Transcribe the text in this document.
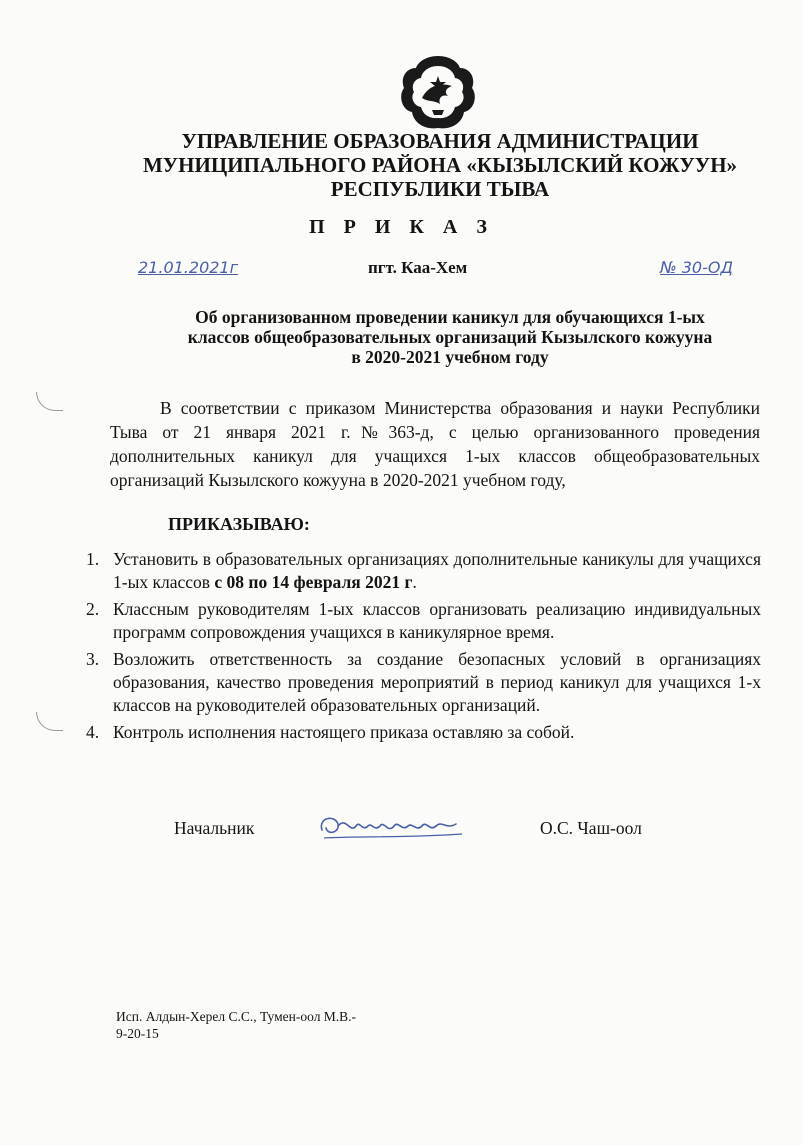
УПРАВЛЕНИЕ ОБРАЗОВАНИЯ АДМИНИСТРАЦИИ
МУНИЦИПАЛЬНОГО РАЙОНА «КЫЗЫЛСКИЙ КОЖУУН»
РЕСПУБЛИКИ ТЫВА
П Р И К А З
21.01.2021г	пгт. Каа-Хем	№ 30-ОД
Об организованном проведении каникул для обучающихся 1-ых
классов общеобразовательных организаций Кызылского кожууна
в 2020-2021 учебном году
В соответствии с приказом Министерства образования и науки Республики Тыва от 21 января 2021 г.№363-д, с целью организованного проведения дополнительных каникул для учащихся 1-ых классов общеобразовательных организаций Кызылского кожууна в 2020-2021 учебном году,
ПРИКАЗЫВАЮ:
1. Установить в образовательных организациях дополнительные каникулы для учащихся 1-ых классов с 08 по 14 февраля 2021 г.
2. Классным руководителям 1-ых классов организовать реализацию индивидуальных программ сопровождения учащихся в каникулярное время.
3. Возложить ответственность за создание безопасных условий в организациях образования, качество проведения мероприятий в период каникул для учащихся 1-х классов на руководителей образовательных организаций.
4. Контроль исполнения настоящего приказа оставляю за собой.
Начальник	О.С. Чаш-оол
Исп. Алдын-Херел С.С., Тумен-оол М.В.-
9-20-15
